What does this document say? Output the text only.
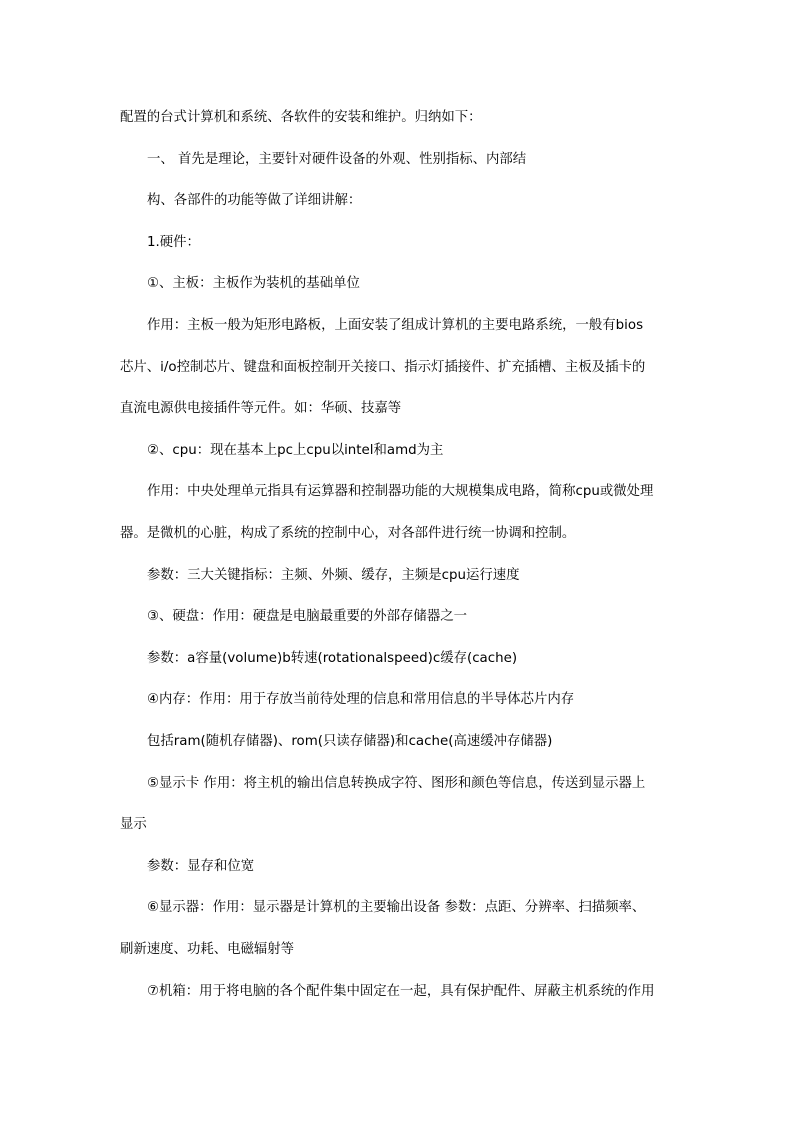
配置的台式计算机和系统、各软件的安装和维护。归纳如下：
一、 首先是理论，主要针对硬件设备的外观、性别指标、内部结
构、各部件的功能等做了详细讲解：
1.硬件：
①、主板：主板作为装机的基础单位
作用：主板一般为矩形电路板，上面安装了组成计算机的主要电路系统，一般有bios
芯片、i/o控制芯片、键盘和面板控制开关接口、指示灯插接件、扩充插槽、主板及插卡的
直流电源供电接插件等元件。如：华硕、技嘉等
②、cpu：现在基本上pc上cpu以intel和amd为主
作用：中央处理单元指具有运算器和控制器功能的大规模集成电路，简称cpu或微处理
器。是微机的心脏，构成了系统的控制中心，对各部件进行统一协调和控制。
参数：三大关键指标：主频、外频、缓存，主频是cpu运行速度
③、硬盘：作用：硬盘是电脑最重要的外部存储器之一
参数：a容量(volume)b转速(rotationalspeed)c缓存(cache)
④内存：作用：用于存放当前待处理的信息和常用信息的半导体芯片内存
包括ram(随机存储器)、rom(只读存储器)和cache(高速缓冲存储器)
⑤显示卡 作用：将主机的输出信息转换成字符、图形和颜色等信息，传送到显示器上
显示
参数：显存和位宽
⑥显示器：作用：显示器是计算机的主要输出设备 参数：点距、分辨率、扫描频率、
刷新速度、功耗、电磁辐射等
⑦机箱：用于将电脑的各个配件集中固定在一起，具有保护配件、屏蔽主机系统的作用
